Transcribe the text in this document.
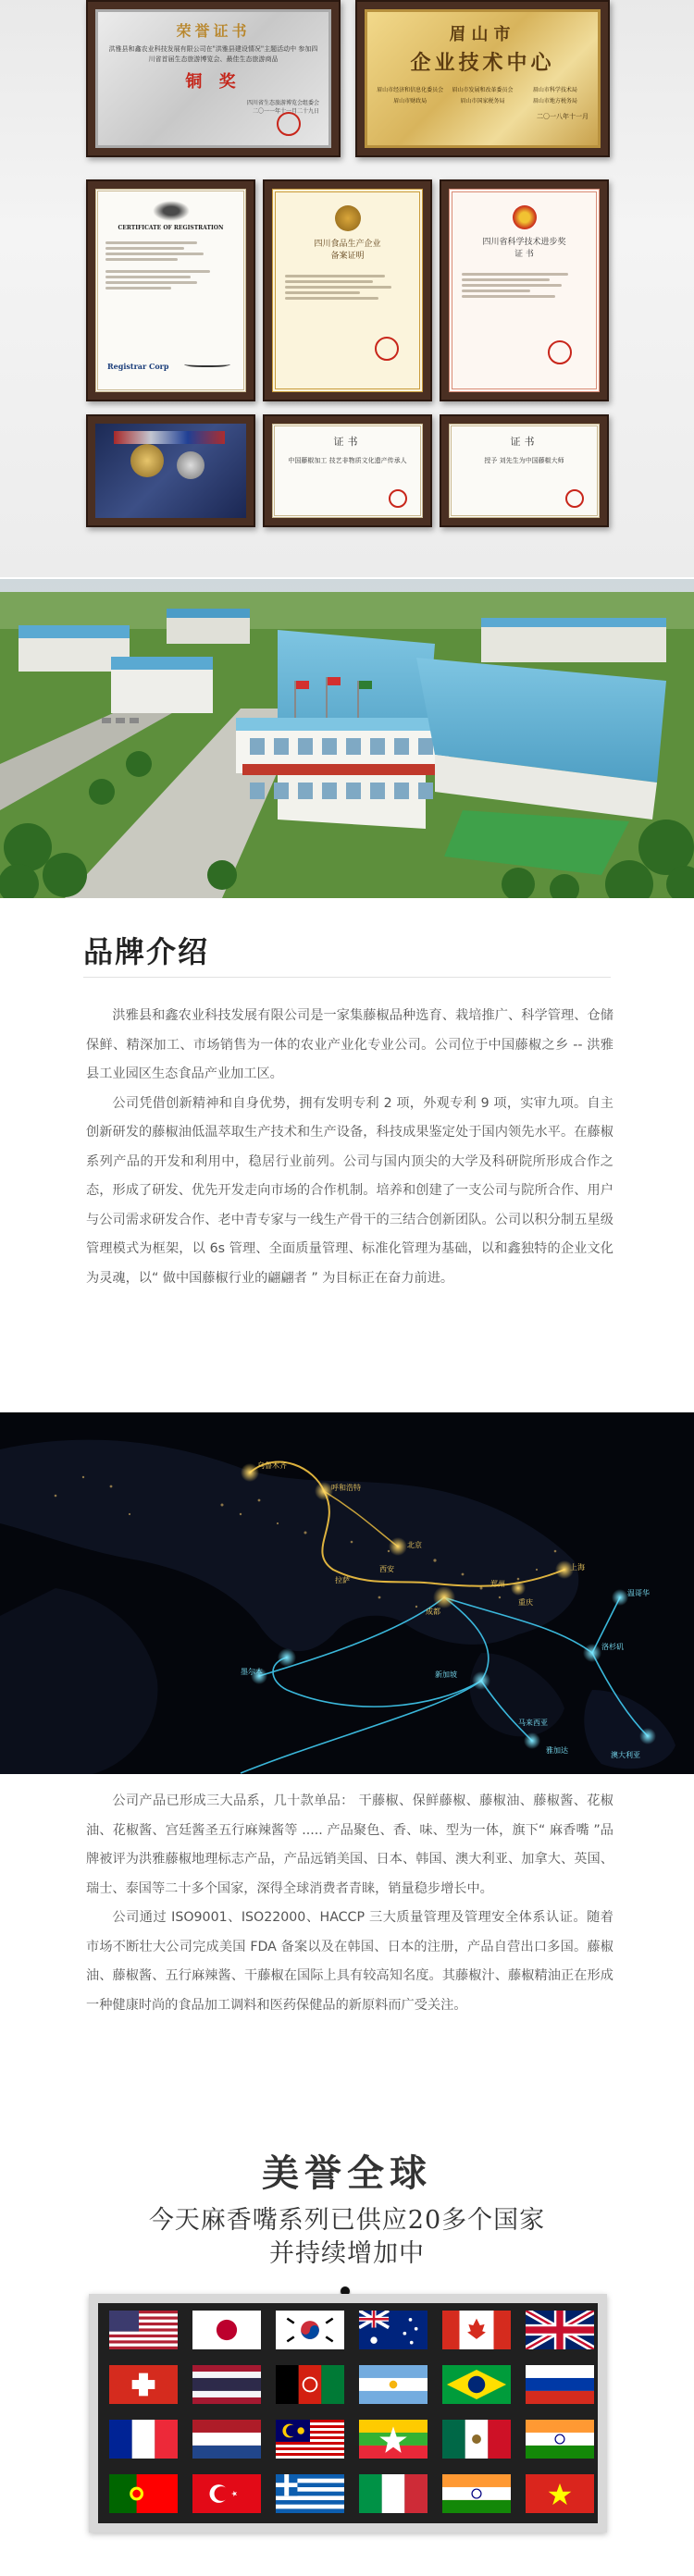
荣誉证书
洪雅县和鑫农业科技发展有限公司在"洪雅县建设情况"主题活动中 参加四川省首届生态旅游博览会、最佳生态旅游商品
铜 奖
四川省生态旅游博览会组委会
二〇一一年十一月二十九日
眉山市
企业技术中心
眉山市经济和信息化委员会	眉山市发展和改革委员会	眉山市科学技术局
眉山市财政局	眉山市国家税务局	眉山市地方税务局
二〇一八年十一月
CERTIFICATE OF REGISTRATION
Registrar Corp
四川食品生产企业
备案证明
四川省科学技术进步奖
证 书
证书
中国藤椒加工 技艺非物质文化遗产传承人
证书
授予 刘先生为中国藤椒大师
品牌介绍

洪雅县和鑫农业科技发展有限公司是一家集藤椒品种选育、栽培推广、科学管理、仓储保鲜、精深加工、市场销售为一体的农业产业化专业公司。公司位于中国藤椒之乡 -- 洪雅县工业园区生态食品产业加工区。

公司凭借创新精神和自身优势，拥有发明专利 2 项，外观专利 9 项，实审九项。自主创新研发的藤椒油低温萃取生产技术和生产设备，科技成果鉴定处于国内领先水平。在藤椒系列产品的开发和利用中，稳居行业前列。公司与国内顶尖的大学及科研院所形成合作之态，形成了研发、优先开发走向市场的合作机制。培养和创建了一支公司与院所合作、用户与公司需求研发合作、老中青专家与一线生产骨干的三结合创新团队。公司以积分制五星级管理模式为框架，以 6s 管理、全面质量管理、标准化管理为基础，以和鑫独特的企业文化为灵魂，以“ 做中国藤椒行业的翩翩者 ” 为目标正在奋力前进。

乌鲁木齐
呼和浩特
北京
上海
拉萨
西安
成都
郑州
重庆
墨尔本	新加坡
马来西亚
雅加达
澳大利亚
温哥华
洛杉矶

公司产品已形成三大品系，几十款单品： 干藤椒、保鲜藤椒、藤椒油、藤椒酱、花椒油、花椒酱、宫廷酱圣五行麻辣酱等 ..... 产品聚色、香、味、型为一体，旗下“ 麻香嘴 ”品牌被评为洪雅藤椒地理标志产品，产品远销美国、日本、韩国、澳大利亚、加拿大、英国、瑞士、泰国等二十多个国家，深得全球消费者青睐，销量稳步增长中。

公司通过 ISO9001、ISO22000、HACCP 三大质量管理及管理安全体系认证。随着市场不断壮大公司完成美国 FDA 备案以及在韩国、日本的注册，产品自营出口多国。藤椒油、藤椒酱、五行麻辣酱、干藤椒在国际上具有较高知名度。其藤椒汁、藤椒精油正在形成一种健康时尚的食品加工调料和医药保健品的新原料而广受关注。

美誉全球
今天麻香嘴系列已供应20多个国家
并持续增加中
